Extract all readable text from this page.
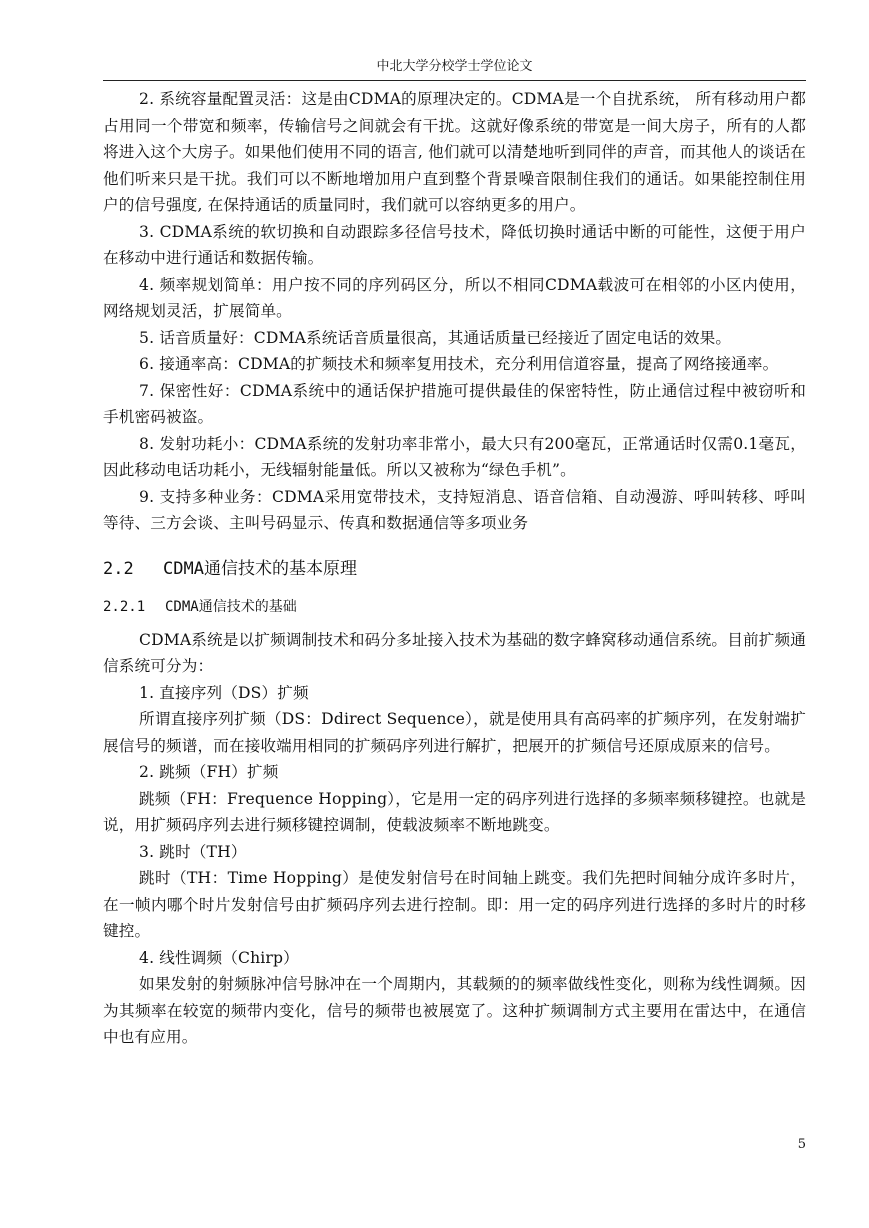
中北大学分校学士学位论文

2. 系统容量配置灵活：这是由CDMA的原理决定的。CDMA是一个自扰系统， 所有移动用户都占用同一个带宽和频率，传输信号之间就会有干扰。这就好像系统的带宽是一间大房子，所有的人都将进入这个大房子。如果他们使用不同的语言, 他们就可以清楚地听到同伴的声音，而其他人的谈话在他们听来只是干扰。我们可以不断地增加用户直到整个背景噪音限制住我们的通话。如果能控制住用户的信号强度, 在保持通话的质量同时，我们就可以容纳更多的用户。

3. CDMA系统的软切换和自动跟踪多径信号技术，降低切换时通话中断的可能性，这便于用户在移动中进行通话和数据传输。

4. 频率规划简单：用户按不同的序列码区分，所以不相同CDMA载波可在相邻的小区内使用，网络规划灵活，扩展简单。

5. 话音质量好：CDMA系统话音质量很高，其通话质量已经接近了固定电话的效果。

6. 接通率高：CDMA的扩频技术和频率复用技术，充分利用信道容量，提高了网络接通率。

7. 保密性好：CDMA系统中的通话保护措施可提供最佳的保密特性，防止通信过程中被窃听和手机密码被盗。

8. 发射功耗小：CDMA系统的发射功率非常小，最大只有200毫瓦，正常通话时仅需0.1毫瓦，因此移动电话功耗小，无线辐射能量低。所以又被称为“绿色手机”。

9. 支持多种业务：CDMA采用宽带技术，支持短消息、语音信箱、自动漫游、呼叫转移、呼叫等待、三方会谈、主叫号码显示、传真和数据通信等多项业务

2.2 CDMA通信技术的基本原理
2.2.1 CDMA通信技术的基础

CDMA系统是以扩频调制技术和码分多址接入技术为基础的数字蜂窝移动通信系统。目前扩频通信系统可分为：

1. 直接序列（DS）扩频

所谓直接序列扩频（DS：Ddirect Sequence），就是使用具有高码率的扩频序列，在发射端扩展信号的频谱，而在接收端用相同的扩频码序列进行解扩，把展开的扩频信号还原成原来的信号。

2. 跳频（FH）扩频

跳频（FH：Frequence Hopping），它是用一定的码序列进行选择的多频率频移键控。也就是说，用扩频码序列去进行频移键控调制，使载波频率不断地跳变。

3. 跳时（TH）

跳时（TH：Time Hopping）是使发射信号在时间轴上跳变。我们先把时间轴分成许多时片，在一帧内哪个时片发射信号由扩频码序列去进行控制。即：用一定的码序列进行选择的多时片的时移键控。

4. 线性调频（Chirp）

如果发射的射频脉冲信号脉冲在一个周期内，其载频的的频率做线性变化，则称为线性调频。因为其频率在较宽的频带内变化，信号的频带也被展宽了。这种扩频调制方式主要用在雷达中，在通信中也有应用。

5
